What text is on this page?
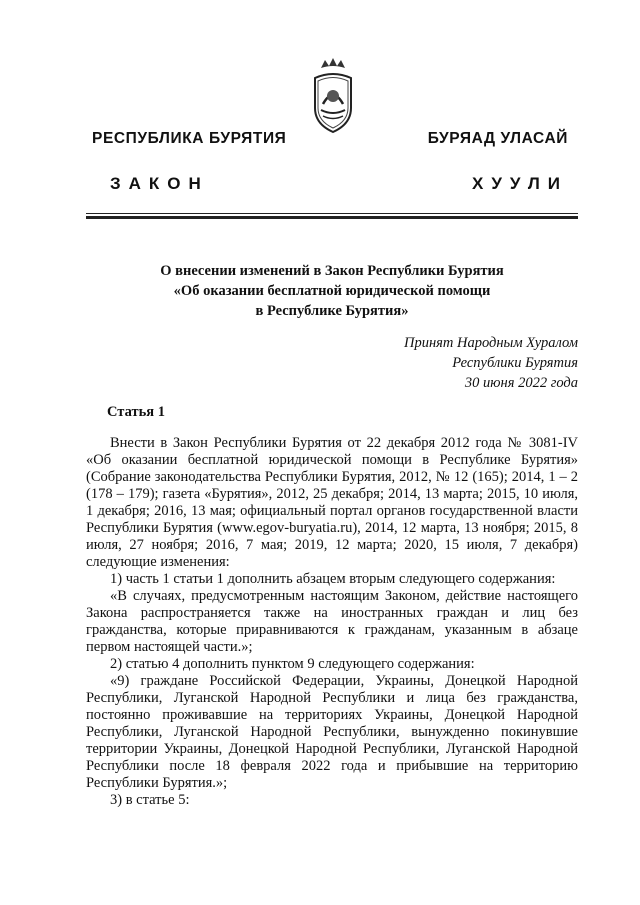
РЕСПУБЛИКА БУРЯТИЯ	БУРЯАД УЛАСАЙ
ЗАКОН	ХУУЛИ
О внесении изменений в Закон Республики Бурятия
«Об оказании бесплатной юридической помощи
в Республике Бурятия»
Принят Народным Хуралом
Республики Бурятия
30 июня 2022 года
Статья 1

Внести в Закон Республики Бурятия от 22 декабря 2012 года № 3081-IV «Об оказании бесплатной юридической помощи в Республике Бурятия» (Собрание законодательства Республики Бурятия, 2012, № 12 (165); 2014, 1 – 2 (178 – 179); газета «Бурятия», 2012, 25 декабря; 2014, 13 марта; 2015, 10 июля, 1 декабря; 2016, 13 мая; официальный портал органов государственной власти Республики Бурятия (www.egov-buryatia.ru), 2014, 12 марта, 13 ноября; 2015, 8 июля, 27 ноября; 2016, 7 мая; 2019, 12 марта; 2020, 15 июля, 7 декабря) следующие изменения:

1) часть 1 статьи 1 дополнить абзацем вторым следующего содержания:

«В случаях, предусмотренным настоящим Законом, действие настоящего Закона распространяется также на иностранных граждан и лиц без гражданства, которые приравниваются к гражданам, указанным в абзаце первом настоящей части.»;

2) статью 4 дополнить пунктом 9 следующего содержания:

«9) граждане Российской Федерации, Украины, Донецкой Народной Республики, Луганской Народной Республики и лица без гражданства, постоянно проживавшие на территориях Украины, Донецкой Народной Республики, Луганской Народной Республики, вынужденно покинувшие территории Украины, Донецкой Народной Республики, Луганской Народной Республики после 18 февраля 2022 года и прибывшие на территорию Республики Бурятия.»;

3) в статье 5:
